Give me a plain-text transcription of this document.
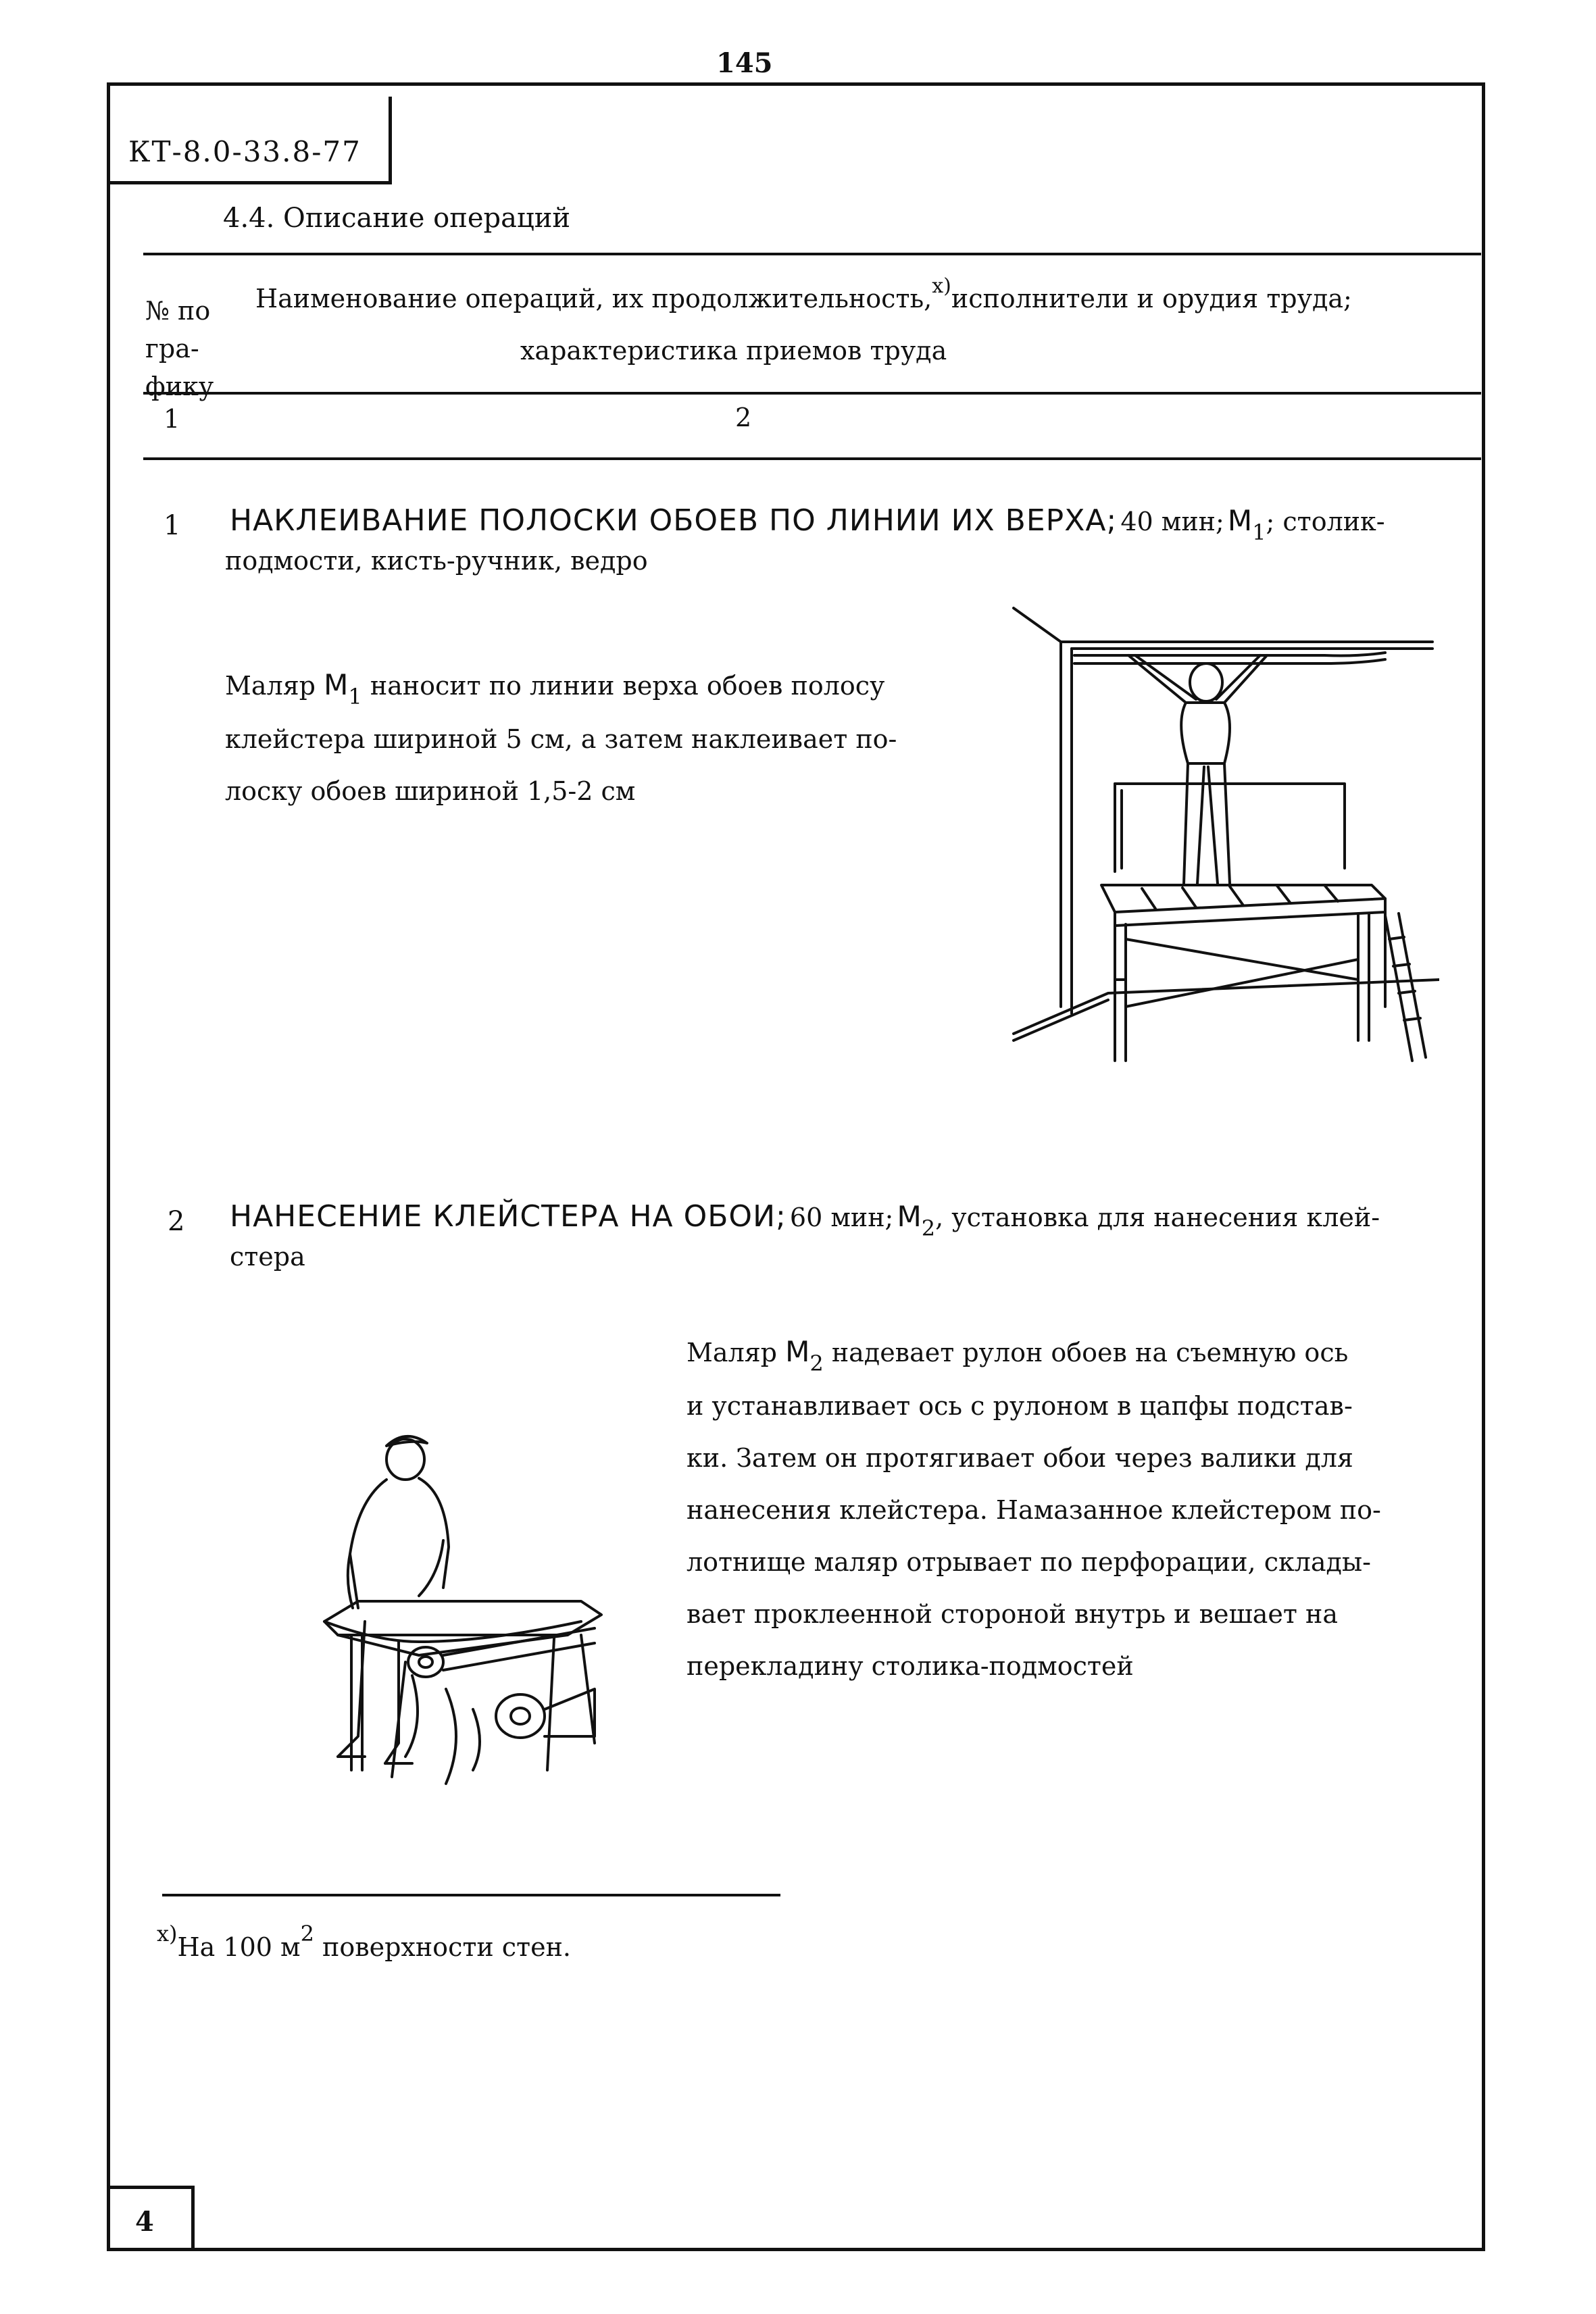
145
КТ-8.0-33.8-77
4.4. Описание операций
№ по
гра-
фику
Наименование операций, их продолжительность,$^{х)}$исполнители и орудия труда;
характеристика приемов труда
1	2
1 НАКЛЕИВАНИЕ ПОЛОСКИ ОБОЕВ ПО ЛИНИИ ИХ ВЕРХА; 40 мин; М1; столик-
подмости, кисть-ручник, ведро
Маляр $М_1$ наносит по линии верха обоев полосу
клейстера шириной 5 см, а затем наклеивает по-
лоску обоев шириной 1,5-2 см
2 НАНЕСЕНИЕ КЛЕЙСТЕРА НА ОБОИ; 60 мин; М2, установка для нанесения клей-
стера
Маляр $М_2$ надевает рулон обоев на съемную ось
и устанавливает ось с рулоном в цапфы подстав-
ки. Затем он протягивает обои через валики для
нанесения клейстера. Намазанное клейстером по-
лотнище маляр отрывает по перфорации, склады-
вает проклеенной стороной внутрь и вешает на
перекладину столика-подмостей
$^{х)}$На 100 м$^2$ поверхности стен.
4
